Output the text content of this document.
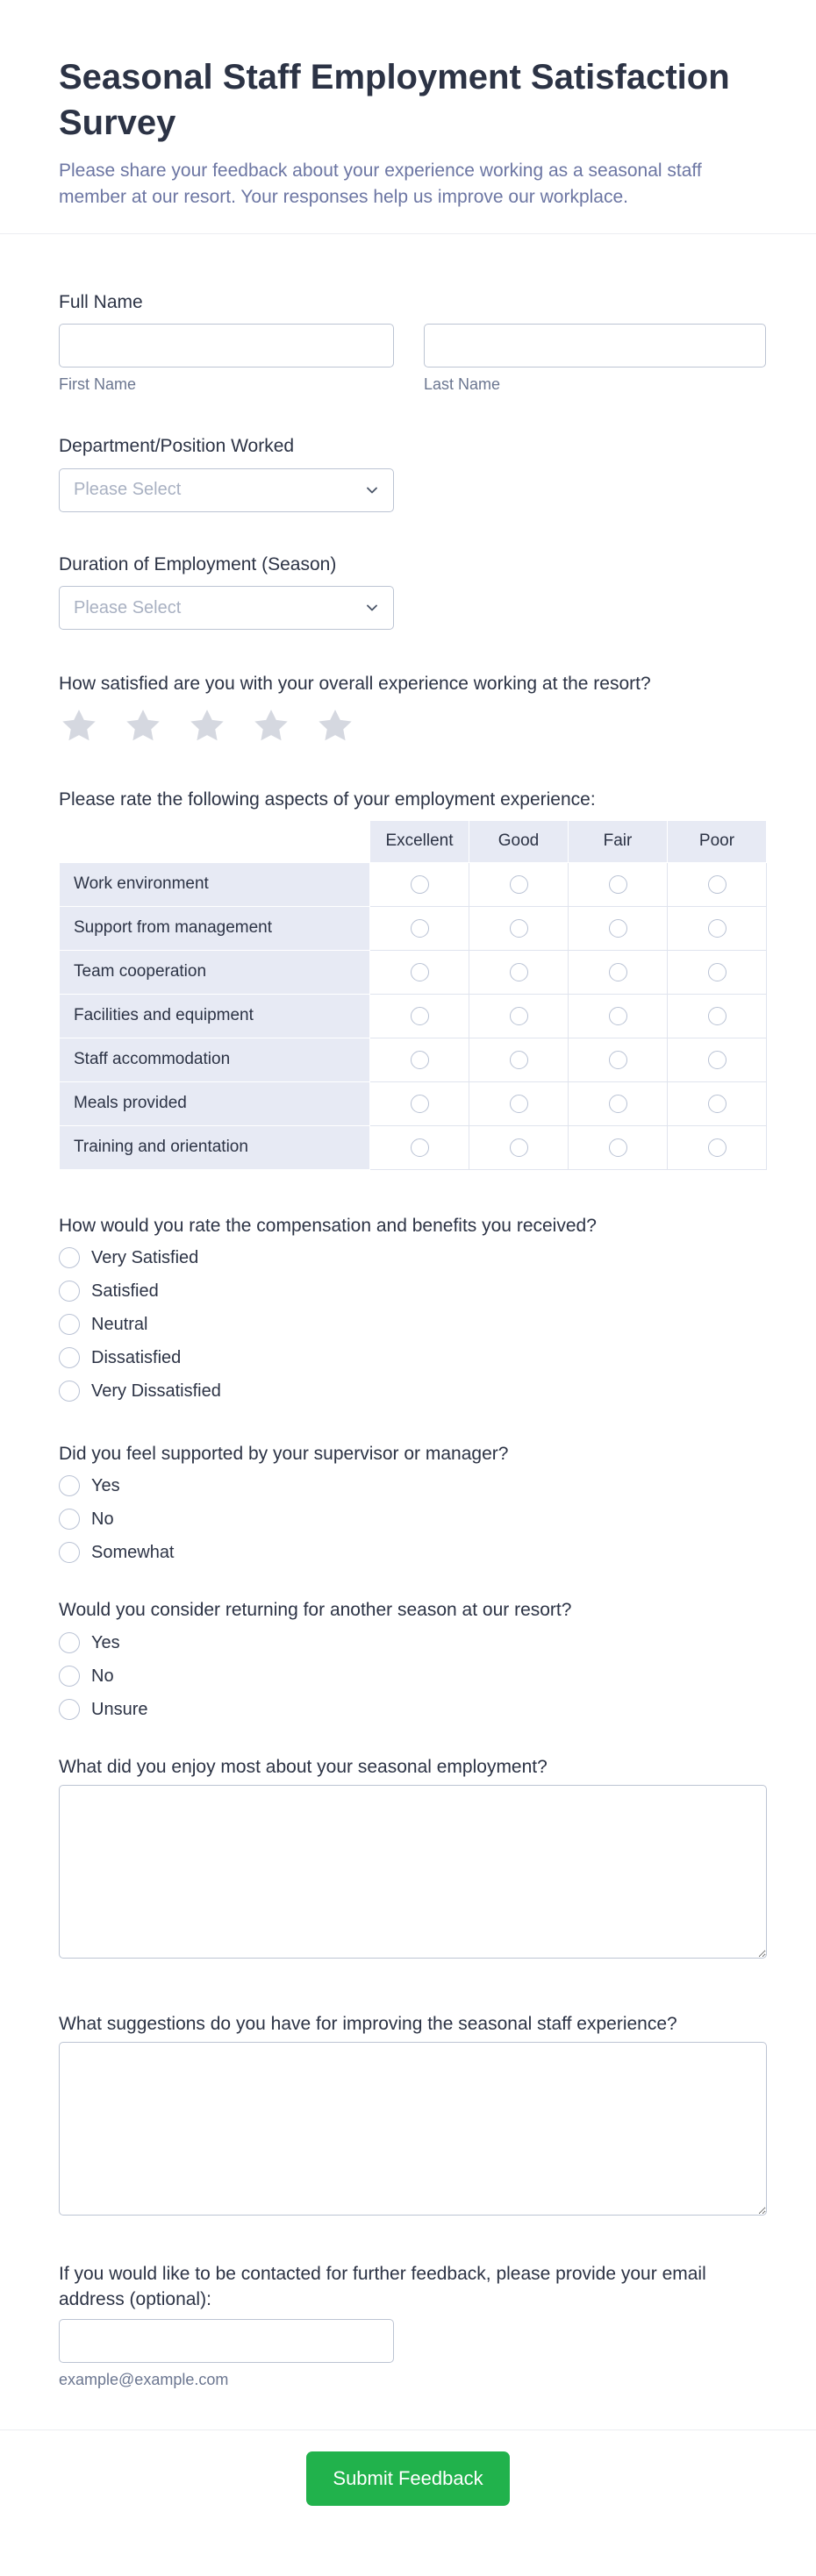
Seasonal Staff Employment Satisfaction Survey

Please share your feedback about your experience working as a seasonal staff member at our resort. Your responses help us improve our workplace.

Full Name
First Name	Last Name
Department/Position Worked
Please Select
Duration of Employment (Season)
Please Select
How satisfied are you with your overall experience working at the resort?
Please rate the following aspects of your employment experience:
	Excellent	Good	Fair	Poor
Work environment				
Support from management				
Team cooperation				
Facilities and equipment				
Staff accommodation				
Meals provided				
Training and orientation				
How would you rate the compensation and benefits you received?
Very Satisfied
Satisfied
Neutral
Dissatisfied
Very Dissatisfied
Did you feel supported by your supervisor or manager?
Yes
No
Somewhat
Would you consider returning for another season at our resort?
Yes
No
Unsure
What did you enjoy most about your seasonal employment?
What suggestions do you have for improving the seasonal staff experience?
If you would like to be contacted for further feedback, please provide your email address (optional):
example@example.com
Submit Feedback
